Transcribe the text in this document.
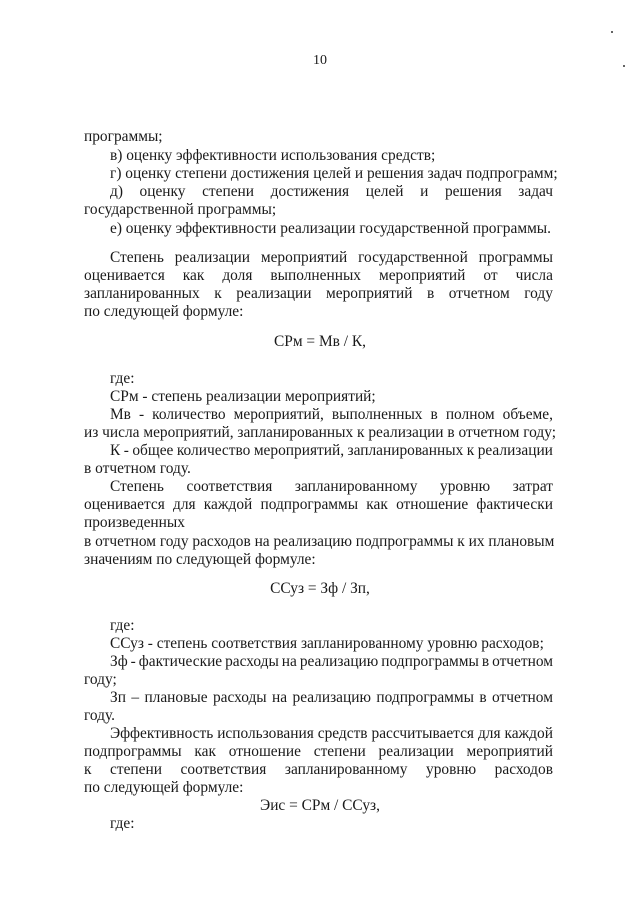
10
программы;
в) оценку эффективности использования средств;
г) оценку степени достижения целей и решения задач подпрограмм;
д) оценку степени достижения целей и решения задач
государственной программы;
е) оценку эффективности реализации государственной программы.
Степень реализации мероприятий государственной программы
оценивается как доля выполненных мероприятий от числа
запланированных к реализации мероприятий в отчетном году
по следующей формуле:
СРм = Мв / К,
где:
СРм - степень реализации мероприятий;
Мв - количество мероприятий, выполненных в полном объеме,
из числа мероприятий, запланированных к реализации в отчетном году;
К - общее количество мероприятий, запланированных к реализации
в отчетном году.
Степень соответствия запланированному уровню затрат
оценивается для каждой подпрограммы как отношение фактически
произведенных
в отчетном году расходов на реализацию подпрограммы к их плановым
значениям по следующей формуле:
ССуз = Зф / Зп,
где:
ССуз - степень соответствия запланированному уровню расходов;
Зф - фактические расходы на реализацию подпрограммы в отчетном
году;
Зп – плановые расходы на реализацию подпрограммы в отчетном
году.
Эффективность использования средств рассчитывается для каждой
подпрограммы как отношение степени реализации мероприятий
к степени соответствия запланированному уровню расходов
по следующей формуле:
Эис = СРм / ССуз,
где:
